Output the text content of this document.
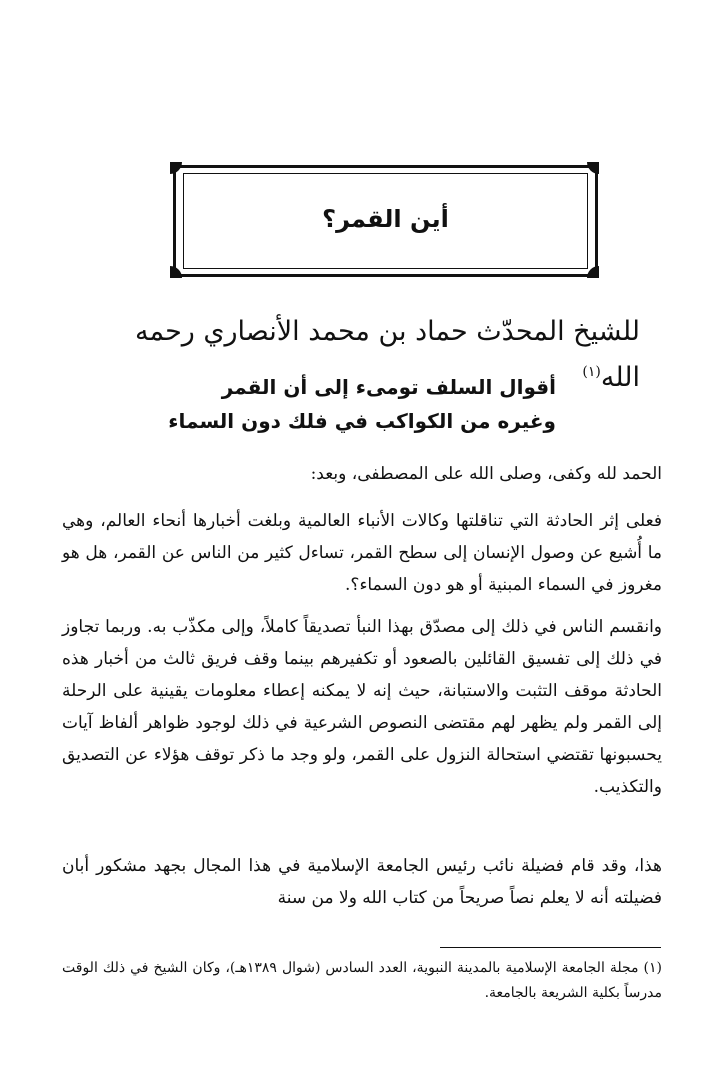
أين القمر؟
للشيخ المحدّث حماد بن محمد الأنصاري رحمه الله$^{(١)}$
أقوال السلف تومىء إلى أن القمر
وغيره من الكواكب في فلك دون السماء
الحمد لله وكفى، وصلى الله على المصطفى، وبعد:
فعلى إثر الحادثة التي تناقلتها وكالات الأنباء العالمية وبلغت أخبارها أنحاء العالم، وهي ما أُشيع عن وصول الإنسان إلى سطح القمر، تساءل كثير من الناس عن القمر، هل هو مغروز في السماء المبنية أو هو دون السماء؟.
وانقسم الناس في ذلك إلى مصدّق بهذا النبأ تصديقاً كاملاً، وإلى مكذّب به. وربما تجاوز في ذلك إلى تفسيق القائلين بالصعود أو تكفيرهم بينما وقف فريق ثالث من أخبار هذه الحادثة موقف التثبت والاستبانة، حيث إنه لا يمكنه إعطاء معلومات يقينية على الرحلة إلى القمر ولم يظهر لهم مقتضى النصوص الشرعية في ذلك لوجود ظواهر ألفاظ آيات يحسبونها تقتضي استحالة النزول على القمر، ولو وجد ما ذكر توقف هؤلاء عن التصديق والتكذيب.
هذا، وقد قام فضيلة نائب رئيس الجامعة الإسلامية في هذا المجال بجهد مشكور أبان فضيلته أنه لا يعلم نصاً صريحاً من كتاب الله ولا من سنة
(١) مجلة الجامعة الإسلامية بالمدينة النبوية، العدد السادس (شوال ١٣٨٩هـ)، وكان الشيخ في ذلك الوقت مدرساً بكلية الشريعة بالجامعة.
